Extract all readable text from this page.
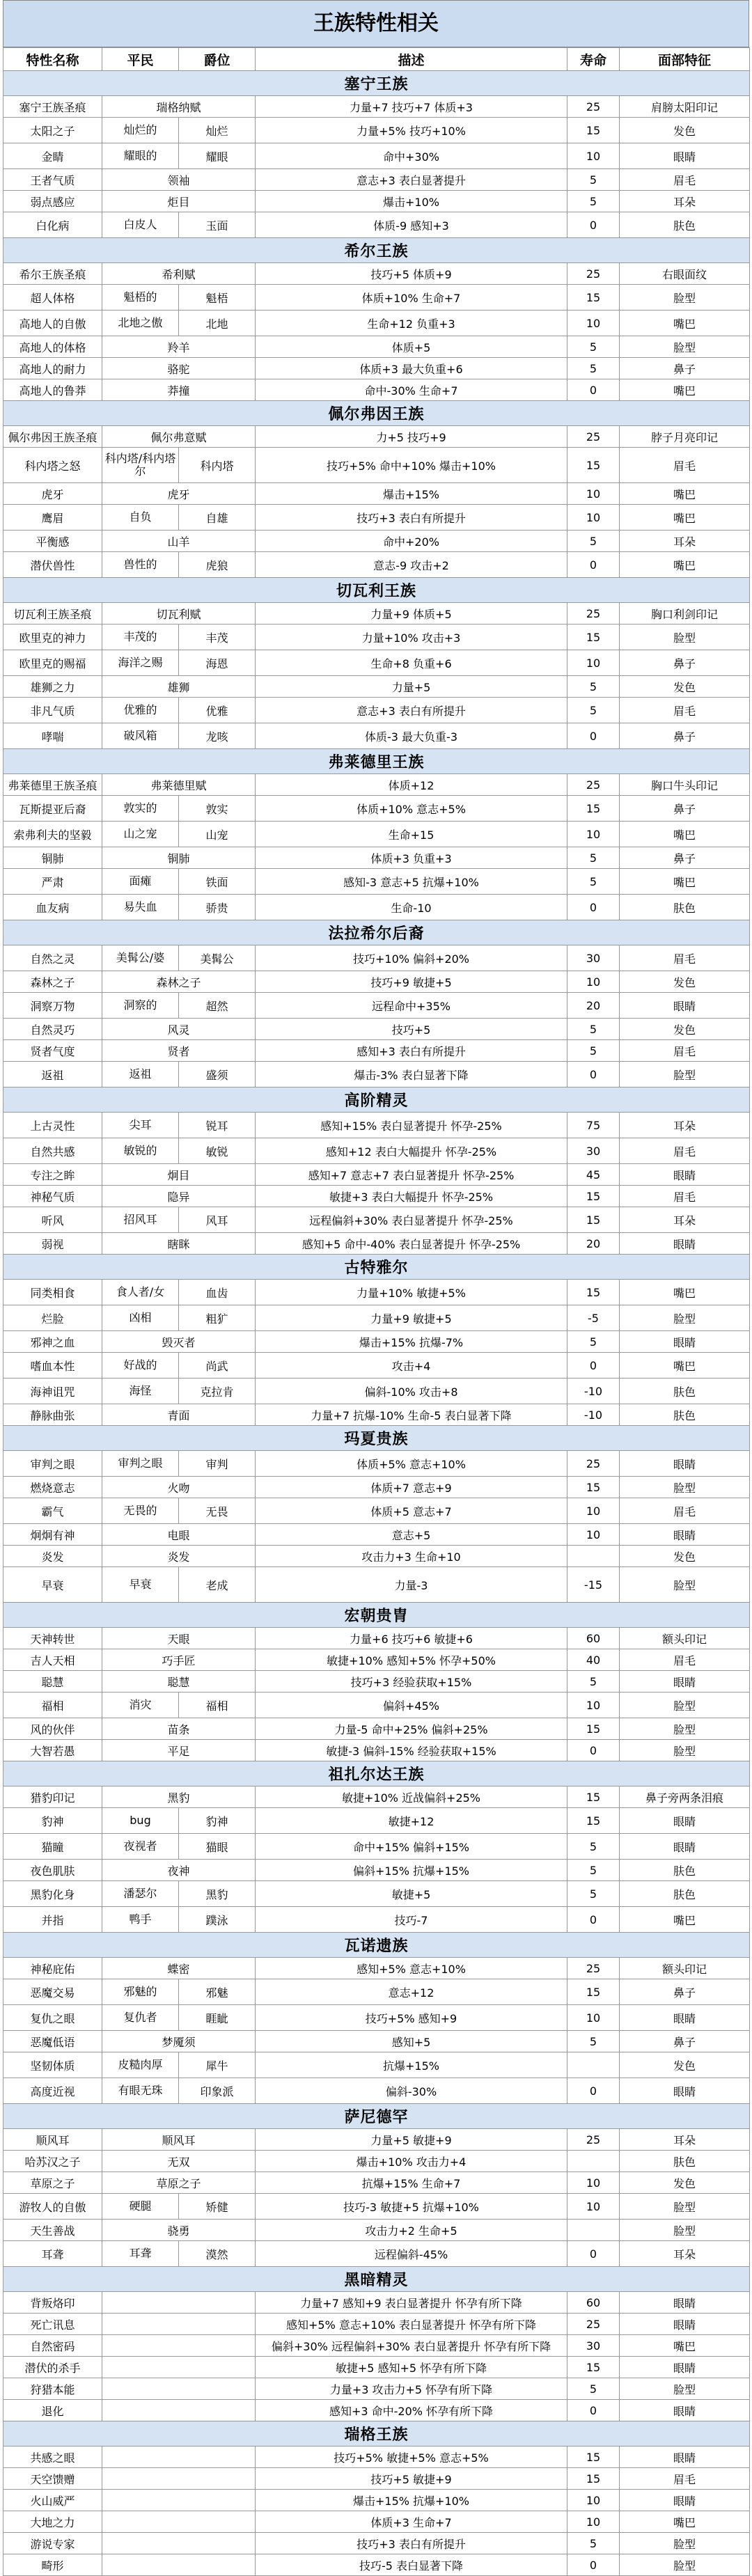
王族特性相关
特性名称	平民	爵位	描述	寿命	面部特征
塞宁王族					
塞宁王族圣痕	瑞格纳赋		力量+7 技巧+7 体质+3	25	肩膀太阳印记
太阳之子	灿烂的	灿烂	力量+5% 技巧+10%	15	发色
金睛	耀眼的	耀眼	命中+30%	10	眼睛
王者气质	领袖		意志+3 表白显著提升	5	眉毛
弱点感应	炬目		爆击+10%	5	耳朵
白化病	白皮人	玉面	体质-9 感知+3	0	肤色
希尔王族					
希尔王族圣痕	希利赋		技巧+5 体质+9	25	右眼面纹
超人体格	魁梧的	魁梧	体质+10% 生命+7	15	脸型
高地人的自傲	北地之傲	北地	生命+12 负重+3	10	嘴巴
高地人的体格	羚羊		体质+5	5	脸型
高地人的耐力	骆驼		体质+3 最大负重+6	5	鼻子
高地人的鲁莽	莽撞		命中-30% 生命+7	0	嘴巴
佩尔弗因王族					
佩尔弗因王族圣痕	佩尔弗意赋		力+5 技巧+9	25	脖子月亮印记
科内塔之怒	科内塔/科内塔尔	科内塔	技巧+5% 命中+10% 爆击+10%	15	眉毛
虎牙	虎牙		爆击+15%	10	嘴巴
鹰眉	自负	自雄	技巧+3 表白有所提升	10	嘴巴
平衡感	山羊		命中+20%	5	耳朵
潜伏兽性	兽性的	虎狼	意志-9 攻击+2	0	嘴巴
切瓦利王族					
切瓦利王族圣痕	切瓦利赋		力量+9 体质+5	25	胸口利剑印记
欧里克的神力	丰茂的	丰茂	力量+10% 攻击+3	15	脸型
欧里克的赐福	海洋之赐	海恩	生命+8 负重+6	10	鼻子
雄狮之力	雄狮		力量+5	5	发色
非凡气质	优雅的	优雅	意志+3 表白有所提升	5	眉毛
哮喘	破风箱	龙咳	体质-3 最大负重-3	0	鼻子
弗莱德里王族					
弗莱德里王族圣痕	弗莱德里赋		体质+12	25	胸口牛头印记
瓦斯提亚后裔	敦实的	敦实	体质+10% 意志+5%	15	鼻子
索弗利夫的坚毅	山之宠	山宠	生命+15	10	嘴巴
铜肺	铜肺		体质+3 负重+3	5	鼻子
严肃	面瘫	铁面	感知-3 意志+5 抗爆+10%	5	嘴巴
血友病	易失血	骄贵	生命-10	0	肤色
法拉希尔后裔					
自然之灵	美髯公/婆	美髯公	技巧+10% 偏斜+20%	30	眉毛
森林之子	森林之子		技巧+9 敏捷+5	10	发色
洞察万物	洞察的	超然	远程命中+35%	20	眼睛
自然灵巧	风灵		技巧+5	5	发色
贤者气度	贤者		感知+3 表白有所提升	5	眉毛
返祖	返祖	盛须	爆击-3% 表白显著下降	0	脸型
高阶精灵					
上古灵性	尖耳	锐耳	感知+15% 表白显著提升 怀孕-25%	75	耳朵
自然共感	敏锐的	敏锐	感知+12 表白大幅提升 怀孕-25%	30	眉毛
专注之眸	炯目		感知+7 意志+7 表白显著提升 怀孕-25%	45	眼睛
神秘气质	隐异		敏捷+3 表白大幅提升 怀孕-25%	15	眉毛
听风	招风耳	风耳	远程偏斜+30% 表白显著提升 怀孕-25%	15	耳朵
弱视	瞎眯		感知+5 命中-40% 表白显著提升 怀孕-25%	20	眼睛
古特雅尔					
同类相食	食人者/女	血齿	力量+10% 敏捷+5%	15	嘴巴
烂脸	凶相	粗犷	力量+9 敏捷+5	-5	脸型
邪神之血	毁灭者		爆击+15% 抗爆-7%	5	眼睛
嗜血本性	好战的	尚武	攻击+4	0	嘴巴
海神诅咒	海怪	克拉肯	偏斜-10% 攻击+8	-10	肤色
静脉曲张	青面		力量+7 抗爆-10% 生命-5 表白显著下降	-10	肤色
玛夏贵族					
审判之眼	审判之眼	审判	体质+5% 意志+10%	25	眼睛
燃烧意志	火吻		体质+7 意志+9	15	脸型
霸气	无畏的	无畏	体质+5 意志+7	10	眉毛
炯炯有神	电眼		意志+5	10	眼睛
炎发	炎发		攻击力+3 生命+10		发色
早衰	早衰	老成	力量-3	-15	脸型
宏朝贵胄					
天神转世	天眼		力量+6 技巧+6 敏捷+6	60	额头印记
吉人天相	巧手匠		敏捷+10% 感知+5% 怀孕+50%	40	眉毛
聪慧	聪慧		技巧+3 经验获取+15%	5	眼睛
福相	消灾	福相	偏斜+45%	10	脸型
风的伙伴	苗条		力量-5 命中+25% 偏斜+25%	15	脸型
大智若愚	平足		敏捷-3 偏斜-15% 经验获取+15%	0	脸型
祖扎尔达王族					
猎豹印记	黑豹		敏捷+10% 近战偏斜+25%	15	鼻子旁两条泪痕
豹神	bug	豹神	敏捷+12	15	眼睛
猫瞳	夜视者	猫眼	命中+15% 偏斜+15%	5	眼睛
夜色肌肤	夜神		偏斜+15% 抗爆+15%	5	肤色
黑豹化身	潘瑟尔	黑豹	敏捷+5	5	肤色
并指	鸭手	蹼泳	技巧-7	0	嘴巴
瓦诺遗族					
神秘庇佑	蝶密		感知+5% 意志+10%	25	额头印记
恶魔交易	邪魅的	邪魅	意志+12	15	鼻子
复仇之眼	复仇者	睚眦	技巧+5% 感知+9	10	眼睛
恶魔低语	梦魇须		感知+5	5	鼻子
坚韧体质	皮糙肉厚	犀牛	抗爆+15%		发色
高度近视	有眼无珠	印象派	偏斜-30%	0	眼睛
萨尼德罕					
顺风耳	顺风耳		力量+5 敏捷+9	25	耳朵
哈苏汉之子	无双		爆击+10% 攻击力+4		肤色
草原之子	草原之子		抗爆+15% 生命+7	10	发色
游牧人的自傲	硬腿	矫健	技巧-3 敏捷+5 抗爆+10%	10	脸型
天生善战	骁勇		攻击力+2 生命+5		脸型
耳聋	耳聋	漠然	远程偏斜-45%	0	耳朵
黑暗精灵					
背叛烙印			力量+7 感知+9 表白显著提升 怀孕有所下降	60	眼睛
死亡讯息			感知+5% 意志+10% 表白显著提升 怀孕有所下降	25	眼睛
自然密码			偏斜+30% 远程偏斜+30% 表白显著提升 怀孕有所下降	30	嘴巴
潜伏的杀手			敏捷+5 感知+5 怀孕有所下降	15	眼睛
狩猎本能			力量+3 攻击力+5 怀孕有所下降	5	脸型
退化			感知+3 命中-20% 怀孕有所下降	0	眼睛
瑞格王族					
共感之眼			技巧+5% 敏捷+5% 意志+5%	15	眼睛
天空馈赠			技巧+5 敏捷+9	15	眉毛
火山威严			爆击+15% 抗爆+10%	10	眼睛
大地之力			体质+3 生命+7	10	嘴巴
游说专家			技巧+3 表白有所提升	5	脸型
畸形			技巧-5 表白显著下降	0	脸型
